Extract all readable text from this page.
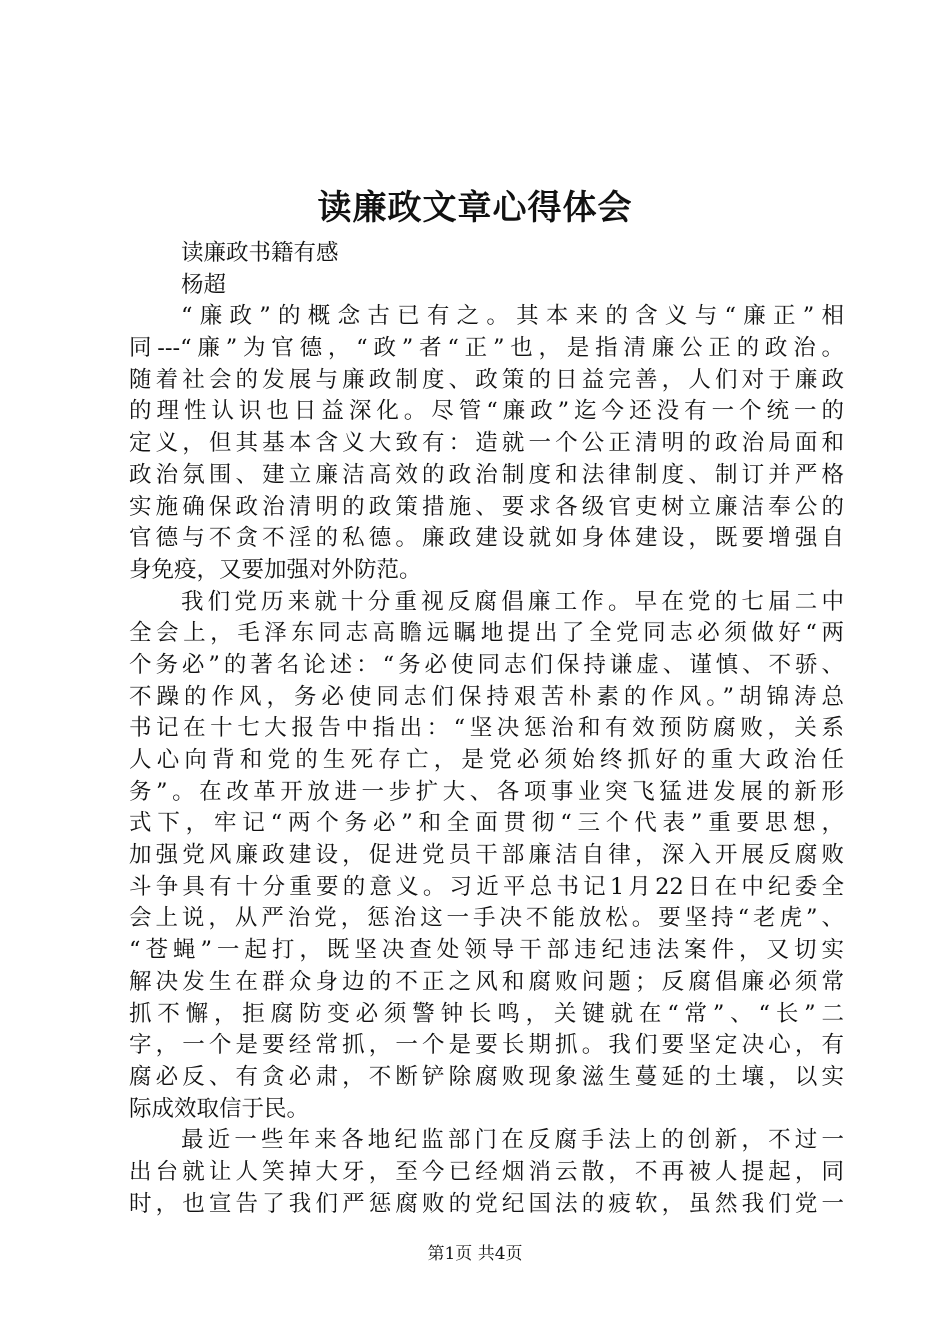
读廉政文章心得体会
读廉政书籍有感
杨超
“廉政”的概念古已有之。其本来的含义与“廉正”相
同---“廉”为官德，“政”者“正”也，是指清廉公正的政治。
随着社会的发展与廉政制度、政策的日益完善，人们对于廉政
的理性认识也日益深化。尽管“廉政”迄今还没有一个统一的
定义，但其基本含义大致有：造就一个公正清明的政治局面和
政治氛围、建立廉洁高效的政治制度和法律制度、制订并严格
实施确保政治清明的政策措施、要求各级官吏树立廉洁奉公的
官德与不贪不淫的私德。廉政建设就如身体建设，既要增强自
身免疫，又要加强对外防范。
我们党历来就十分重视反腐倡廉工作。早在党的七届二中
全会上，毛泽东同志高瞻远瞩地提出了全党同志必须做好“两
个务必”的著名论述：“务必使同志们保持谦虚、谨慎、不骄、
不躁的作风，务必使同志们保持艰苦朴素的作风。”胡锦涛总
书记在十七大报告中指出：“坚决惩治和有效预防腐败，关系
人心向背和党的生死存亡，是党必须始终抓好的重大政治任
务”。在改革开放进一步扩大、各项事业突飞猛进发展的新形
式下，牢记“两个务必”和全面贯彻“三个代表”重要思想，
加强党风廉政建设，促进党员干部廉洁自律，深入开展反腐败
斗争具有十分重要的意义。习近平总书记1月22日在中纪委全
会上说，从严治党，惩治这一手决不能放松。要坚持“老虎”、
“苍蝇”一起打，既坚决查处领导干部违纪违法案件，又切实
解决发生在群众身边的不正之风和腐败问题；反腐倡廉必须常
抓不懈，拒腐防变必须警钟长鸣，关键就在“常”、“长”二
字，一个是要经常抓，一个是要长期抓。我们要坚定决心，有
腐必反、有贪必肃，不断铲除腐败现象滋生蔓延的土壤，以实
际成效取信于民。
最近一些年来各地纪监部门在反腐手法上的创新，不过一
出台就让人笑掉大牙，至今已经烟消云散，不再被人提起，同
时，也宣告了我们严惩腐败的党纪国法的疲软，虽然我们党一
第1页 共4页
